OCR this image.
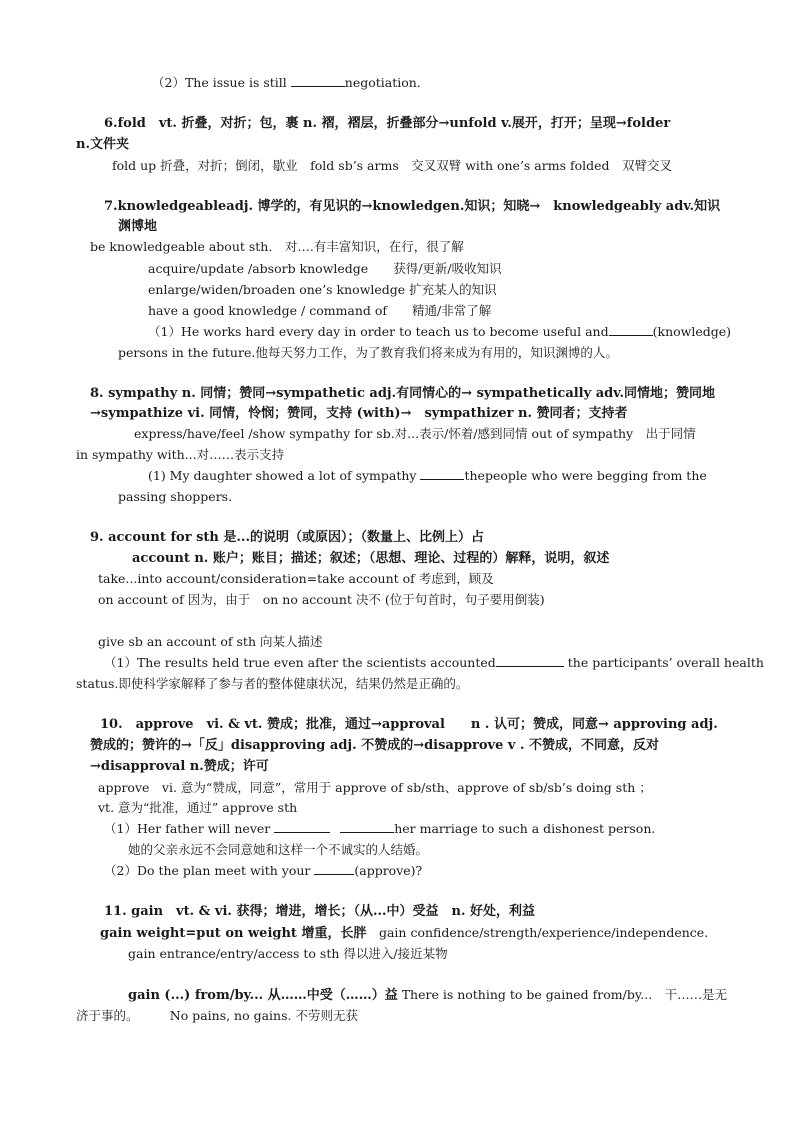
（2）The issue is still	negotiation.
6.fold　vt. 折叠，对折；包，裹 n. 褶，褶层，折叠部分→unfold v.展开，打开；呈现→folder
n.文件夹
fold up 折叠，对折；倒闭，歇业　fold sb’s arms　交叉双臂 with one’s arms folded　双臂交叉
7.knowledgeableadj. 博学的，有见识的→knowledgen.知识；知晓→　knowledgeably adv.知识
渊博地
be knowledgeable about sth.　对….有丰富知识，在行，很了解
acquire/update /absorb knowledge　　获得/更新/吸收知识
enlarge/widen/broaden one’s knowledge 扩充某人的知识
have a good knowledge / command of　　精通/非常了解
（1）He works hard every day in order to teach us to become useful and	(knowledge)
persons in the future.他每天努力工作，为了教育我们将来成为有用的，知识渊博的人。
8. sympathy n. 同情；赞同→sympathetic adj.有同情心的→ sympathetically adv.同情地；赞同地
→sympathize vi. 同情，怜悯；赞同，支持 (with)→　sympathizer n. 赞同者；支持者
express/have/feel /show sympathy for sb.对...表示/怀着/感到同情 out of sympathy　出于同情
in sympathy with...对……表示支持
(1) My daughter showed a lot of sympathy	thepeople who were begging from the
passing shoppers.
9. account for sth 是...的说明（或原因）；（数量上、比例上）占
account n. 账户；账目；描述；叙述；（思想、理论、过程的）解释，说明，叙述
take...into account/consideration=take account of 考虑到，顾及
on account of 因为，由于　on no account 决不 (位于句首时，句子要用倒装)
give sb an account of sth 向某人描述
（1）The results held true even after the scientists accounted	the participants’ overall health
status.即使科学家解释了参与者的整体健康状况，结果仍然是正确的。
10.　approve　vi. & vt. 赞成；批准，通过→approval　　n . 认可；赞成，同意→ approving adj.
赞成的；赞许的→「反」disapproving adj. 不赞成的→disapprove v . 不赞成，不同意，反对
→disapproval n.赞成；许可
approve　vi. 意为“赞成，同意”，常用于 approve of sb/sth、approve of sb/sb’s doing sth ；
vt. 意为“批准，通过” approve sth
（1）Her father will never	her marriage to such a dishonest person.
她的父亲永远不会同意她和这样一个不诚实的人结婚。
（2）Do the plan meet with your	(approve)?
11. gain　vt. & vi. 获得；增进，增长；（从...中）受益　n. 好处，利益
gain weight=put on weight 增重，长胖　gain confidence/strength/experience/independence.
gain entrance/entry/access to sth 得以进入/接近某物
gain (...) from/by... 从……中受（……）益 There is nothing to be gained from/by...　干……是无
济于事的。　　　No pains, no gains. 不劳则无获
